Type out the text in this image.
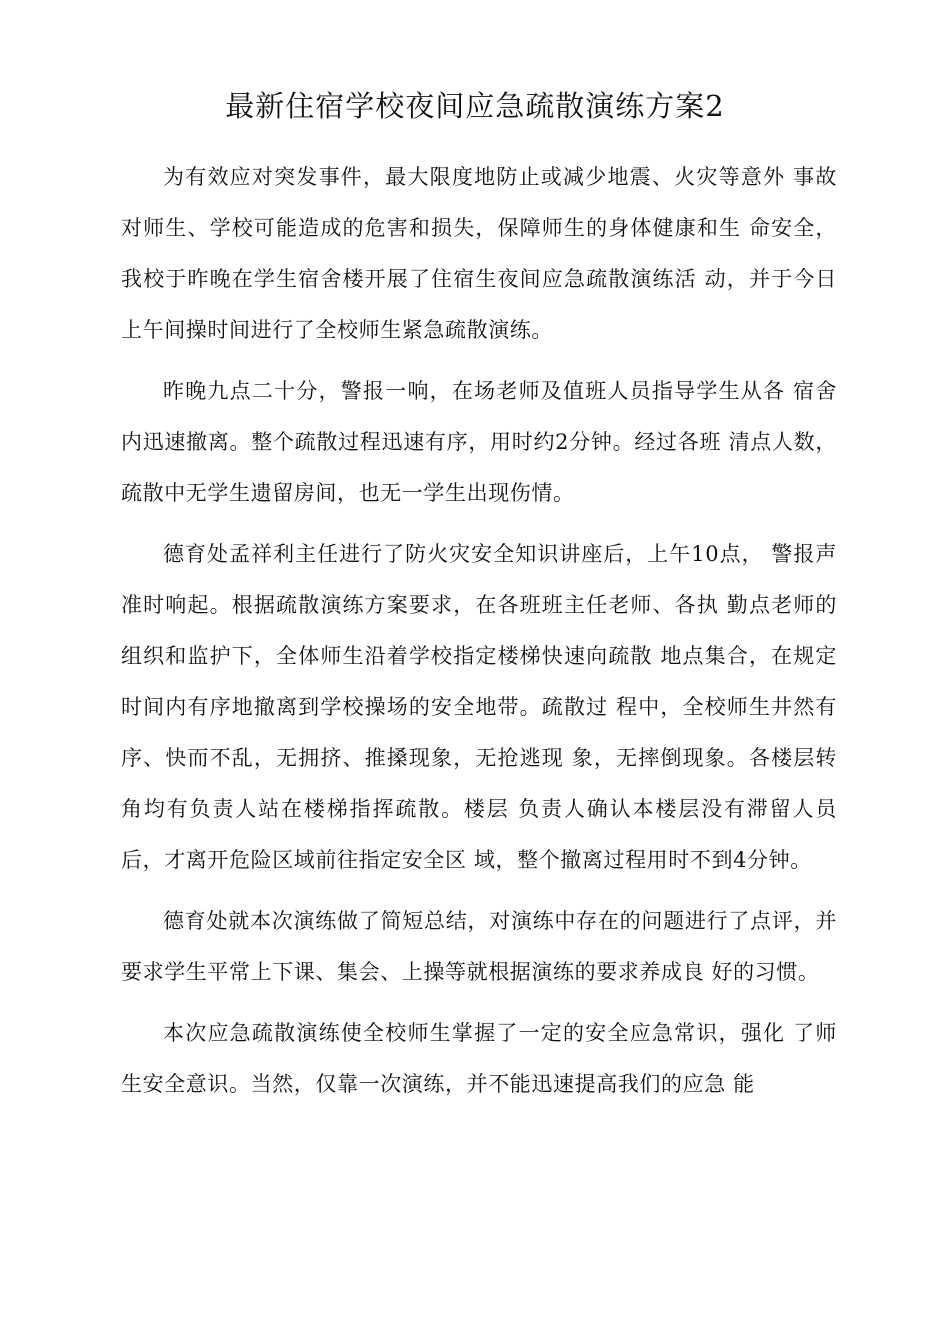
最新住宿学校夜间应急疏散演练方案2

为有效应对突发事件，最大限度地防止或减少地震、火灾等意外 事故对师生、学校可能造成的危害和损失，保障师生的身体健康和生 命安全，我校于昨晚在学生宿舍楼开展了住宿生夜间应急疏散演练活 动，并于今日上午间操时间进行了全校师生紧急疏散演练。

昨晚九点二十分，警报一响，在场老师及值班人员指导学生从各 宿舍内迅速撤离。整个疏散过程迅速有序，用时约2分钟。经过各班 清点人数，疏散中无学生遗留房间，也无一学生出现伤情。

德育处孟祥利主任进行了防火灾安全知识讲座后，上午10点， 警报声准时响起。根据疏散演练方案要求，在各班班主任老师、各执 勤点老师的组织和监护下，全体师生沿着学校指定楼梯快速向疏散 地点集合，在规定时间内有序地撤离到学校操场的安全地带。疏散过 程中，全校师生井然有序、快而不乱，无拥挤、推搡现象，无抢逃现 象，无摔倒现象。各楼层转角均有负责人站在楼梯指挥疏散。楼层 负责人确认本楼层没有滞留人员后，才离开危险区域前往指定安全区 域，整个撤离过程用时不到4分钟。

德育处就本次演练做了简短总结，对演练中存在的问题进行了点评，并要求学生平常上下课、集会、上操等就根据演练的要求养成良 好的习惯。

本次应急疏散演练使全校师生掌握了一定的安全应急常识，强化 了师生安全意识。当然，仅靠一次演练，并不能迅速提高我们的应急 能
